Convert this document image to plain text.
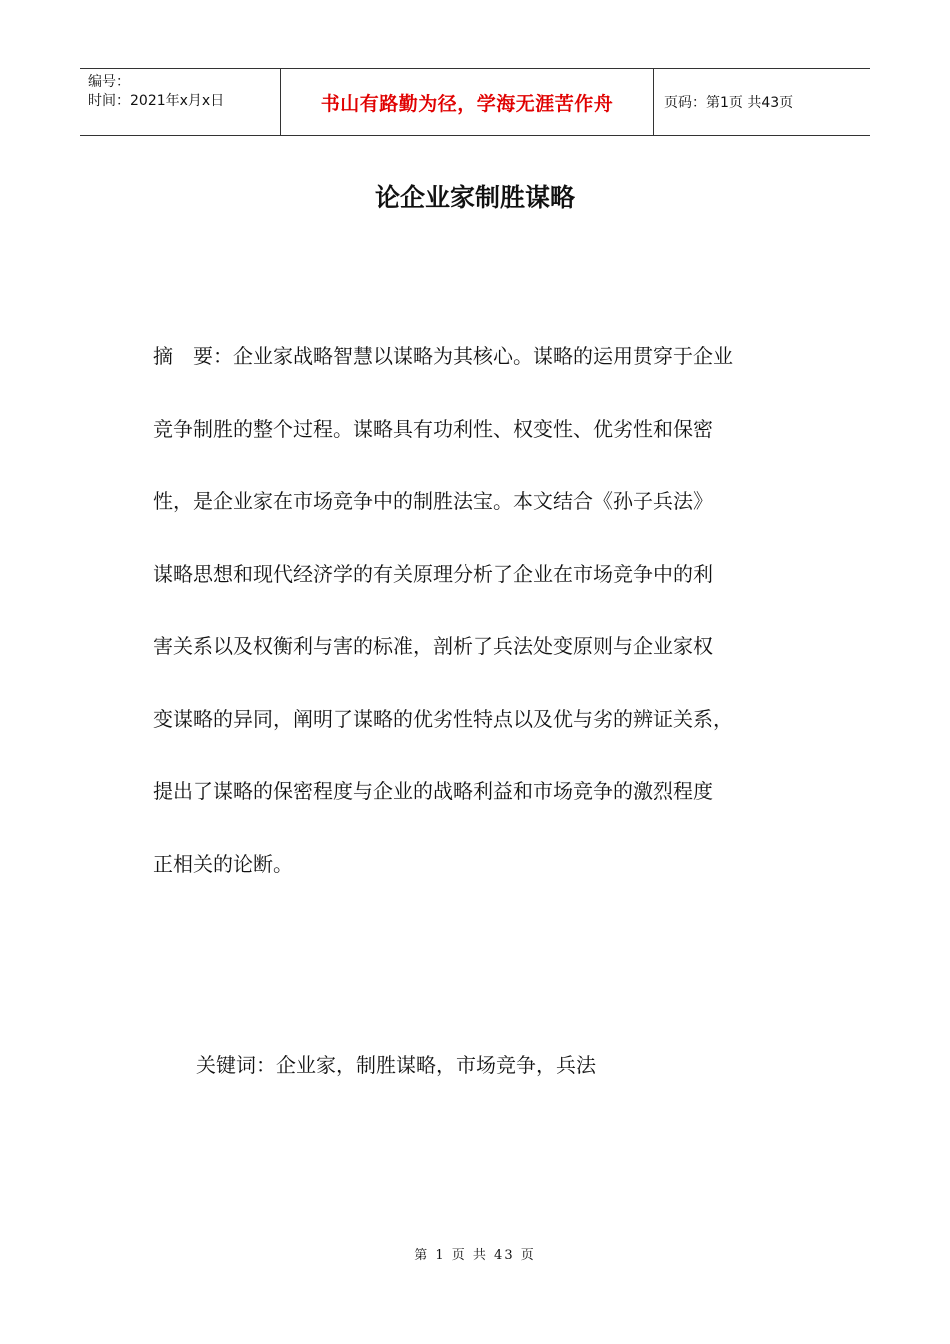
编号：
时间：2021年x月x日	书山有路勤为径，学海无涯苦作舟	页码：第1页 共43页
论企业家制胜谋略
摘　要：企业家战略智慧以谋略为其核心。谋略的运用贯穿于企业
竞争制胜的整个过程。谋略具有功利性、权变性、优劣性和保密
性，是企业家在市场竞争中的制胜法宝。本文结合《孙子兵法》
谋略思想和现代经济学的有关原理分析了企业在市场竞争中的利
害关系以及权衡利与害的标准，剖析了兵法处变原则与企业家权
变谋略的异同，阐明了谋略的优劣性特点以及优与劣的辨证关系，
提出了谋略的保密程度与企业的战略利益和市场竞争的激烈程度
正相关的论断。
关键词：企业家，制胜谋略，市场竞争，兵法
第 1 页 共 43 页
